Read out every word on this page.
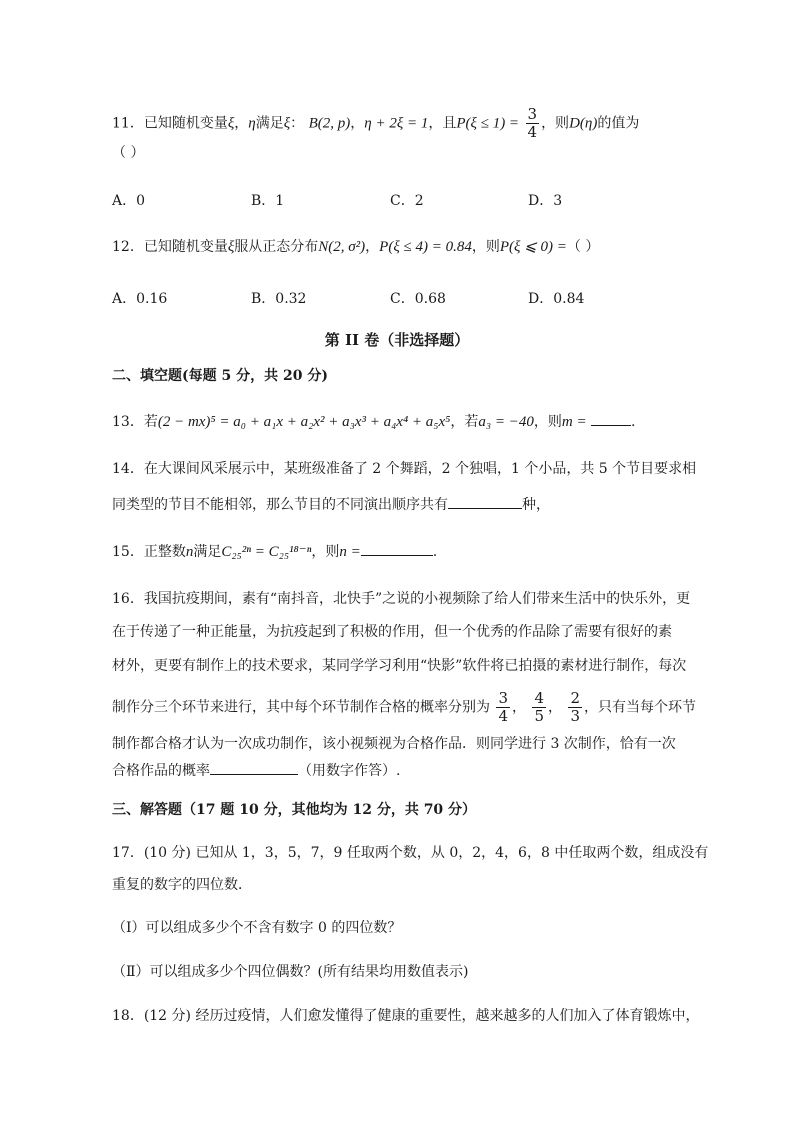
11．已知随机变量ξ，η满足ξ： B(2, p)，η + 2ξ = 1，且$P(\xi \le 1) = \frac{3}{4}$ ，则D(η)的值为
（ ）
A．0	B．1	C．2	D．3
12．已知随机变量ξ服从正态分布N(2, σ²)，P(ξ ≤ 4) = 0.84，则P(ξ ⩽ 0) =（ ）
A．0.16	B．0.32	C．0.68	D．0.84
第 II 卷（非选择题）
二、填空题(每题 5 分，共 20 分)
13．若(2 − mx)⁵ = a₀ + a₁x + a₂x² + a₃x³ + a₄x⁴ + a₅x⁵，若a₃ = −40，则m =	.
14．在大课间风采展示中，某班级准备了 2 个舞蹈，2 个独唱，1 个小品，共 5 个节目要求相
同类型的节目不能相邻，那么节目的不同演出顺序共有	种，
15．正整数n满足C₂₅²ⁿ = C₂₅¹⁸⁻ⁿ，则n =	.
16．我国抗疫期间，素有“南抖音，北快手”之说的小视频除了给人们带来生活中的快乐外，更
在于传递了一种正能量，为抗疫起到了积极的作用，但一个优秀的作品除了需要有很好的素
材外，更要有制作上的技术要求，某同学学习利用“快影”软件将已拍摄的素材进行制作，每次
制作分三个环节来进行，其中每个环节制作合格的概率分别为 $\frac{3}{4}$ ， $\frac{4}{5}$ ， $\frac{2}{3}$ ，只有当每个环节
制作都合格才认为一次成功制作，该小视频视为合格作品．则同学进行 3 次制作，恰有一次
合格作品的概率	（用数字作答）.
三、解答题（17 题 10 分，其他均为 12 分，共 70 分）
17．(10 分) 已知从 1，3，5，7，9 任取两个数，从 0，2，4，6，8 中任取两个数，组成没有
重复的数字的四位数．
（Ⅰ）可以组成多少个不含有数字 0 的四位数？
（Ⅱ）可以组成多少个四位偶数？(所有结果均用数值表示)
18．(12 分) 经历过疫情，人们愈发懂得了健康的重要性，越来越多的人们加入了体育锻炼中，
